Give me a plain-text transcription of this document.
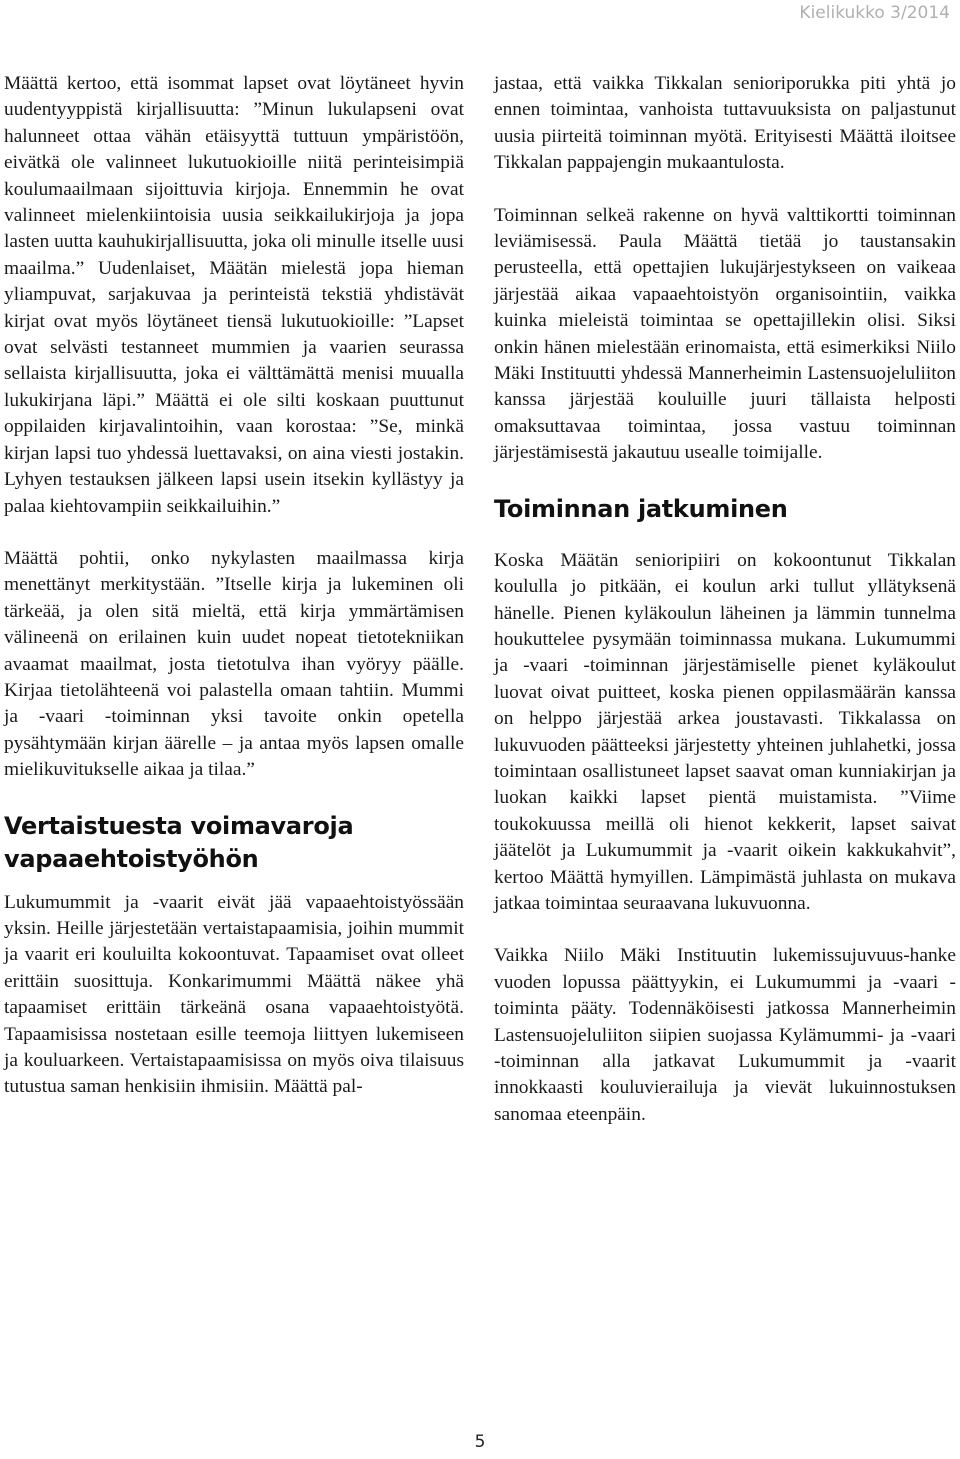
Kielikukko 3/2014

Määttä kertoo, että isommat lapset ovat löytäneet hyvin uudentyyppistä kirjallisuutta: ”Minun lukulapseni ovat halunneet ottaa vähän etäisyyttä tuttuun ympäristöön, eivätkä ole valinneet lukutuokioille niitä perinteisimpiä koulumaailmaan sijoittuvia kirjoja. Ennemmin he ovat valinneet mielenkiintoisia uusia seikkailukirjoja ja jopa lasten uutta kauhukirjallisuutta, joka oli minulle itselle uusi maailma.” Uudenlaiset, Määtän mielestä jopa hieman yliampuvat, sarjakuvaa ja perinteistä tekstiä yhdistävät kirjat ovat myös löytäneet tiensä lukutuokioille: ”Lapset ovat selvästi testanneet mummien ja vaarien seurassa sellaista kirjallisuutta, joka ei välttämättä menisi muualla lukukirjana läpi.” Määttä ei ole silti koskaan puuttunut oppilaiden kirjavalintoihin, vaan korostaa: ”Se, minkä kirjan lapsi tuo yhdessä luettavaksi, on aina viesti jostakin. Lyhyen testauksen jälkeen lapsi usein itsekin kyllästyy ja palaa kiehtovampiin seikkailuihin.”

Määttä pohtii, onko nykylasten maailmassa kirja menettänyt merkitystään. ”Itselle kirja ja lukeminen oli tärkeää, ja olen sitä mieltä, että kirja ymmärtämisen välineenä on erilainen kuin uudet nopeat tietotekniikan avaamat maailmat, josta tietotulva ihan vyöryy päälle. Kirjaa tietolähteenä voi palastella omaan tahtiin. Mummi ja -vaari -toiminnan yksi tavoite onkin opetella pysähtymään kirjan äärelle – ja antaa myös lapsen omalle mielikuvitukselle aikaa ja tilaa.”

Vertaistuesta voimavaroja vapaaehtoistyöhön

Lukumummit ja -vaarit eivät jää vapaaehtoistyössään yksin. Heille järjestetään vertaistapaamisia, joihin mummit ja vaarit eri kouluilta kokoontuvat. Tapaamiset ovat olleet erittäin suosittuja. Konkarimummi Määttä näkee yhä tapaamiset erittäin tärkeänä osana vapaaehtoistyötä. Tapaamisissa nostetaan esille teemoja liittyen lukemiseen ja kouluarkeen. Vertaistapaamisissa on myös oiva tilaisuus tutustua saman henkisiin ihmisiin. Määttä pal-

jastaa, että vaikka Tikkalan senioriporukka piti yhtä jo ennen toimintaa, vanhoista tuttavuuksista on paljastunut uusia piirteitä toiminnan myötä. Erityisesti Määttä iloitsee Tikkalan pappajengin mukaantulosta.

Toiminnan selkeä rakenne on hyvä valttikortti toiminnan leviämisessä. Paula Määttä tietää jo taustansakin perusteella, että opettajien lukujärjestykseen on vaikeaa järjestää aikaa vapaaehtoistyön organisointiin, vaikka kuinka mieleistä toimintaa se opettajillekin olisi. Siksi onkin hänen mielestään erinomaista, että esimerkiksi Niilo Mäki Instituutti yhdessä Mannerheimin Lastensuojeluliiton kanssa järjestää kouluille juuri tällaista helposti omaksuttavaa toimintaa, jossa vastuu toiminnan järjestämisestä jakautuu usealle toimijalle.

Toiminnan jatkuminen

Koska Määtän senioripiiri on kokoontunut Tikkalan koululla jo pitkään, ei koulun arki tullut yllätyksenä hänelle. Pienen kyläkoulun läheinen ja lämmin tunnelma houkuttelee pysymään toiminnassa mukana. Lukumummi ja -vaari -toiminnan järjestämiselle pienet kyläkoulut luovat oivat puitteet, koska pienen oppilasmäärän kanssa on helppo järjestää arkea joustavasti. Tikkalassa on lukuvuoden päätteeksi järjestetty yhteinen juhlahetki, jossa toimintaan osallistuneet lapset saavat oman kunniakirjan ja luokan kaikki lapset pientä muistamista. ”Viime toukokuussa meillä oli hienot kekkerit, lapset saivat jäätelöt ja Lukumummit ja -vaarit oikein kakkukahvit”, kertoo Määttä hymyillen. Lämpimästä juhlasta on mukava jatkaa toimintaa seuraavana lukuvuonna.

Vaikka Niilo Mäki Instituutin lukemissujuvuus-hanke vuoden lopussa päättyykin, ei Lukumummi ja -vaari -toiminta pääty. Todennäköisesti jatkossa Mannerheimin Lastensuojeluliiton siipien suojassa Kylämummi- ja -vaari -toiminnan alla jatkavat Lukumummit ja -vaarit innokkaasti kouluvierailuja ja vievät lukuinnostuksen sanomaa eteenpäin.

5
